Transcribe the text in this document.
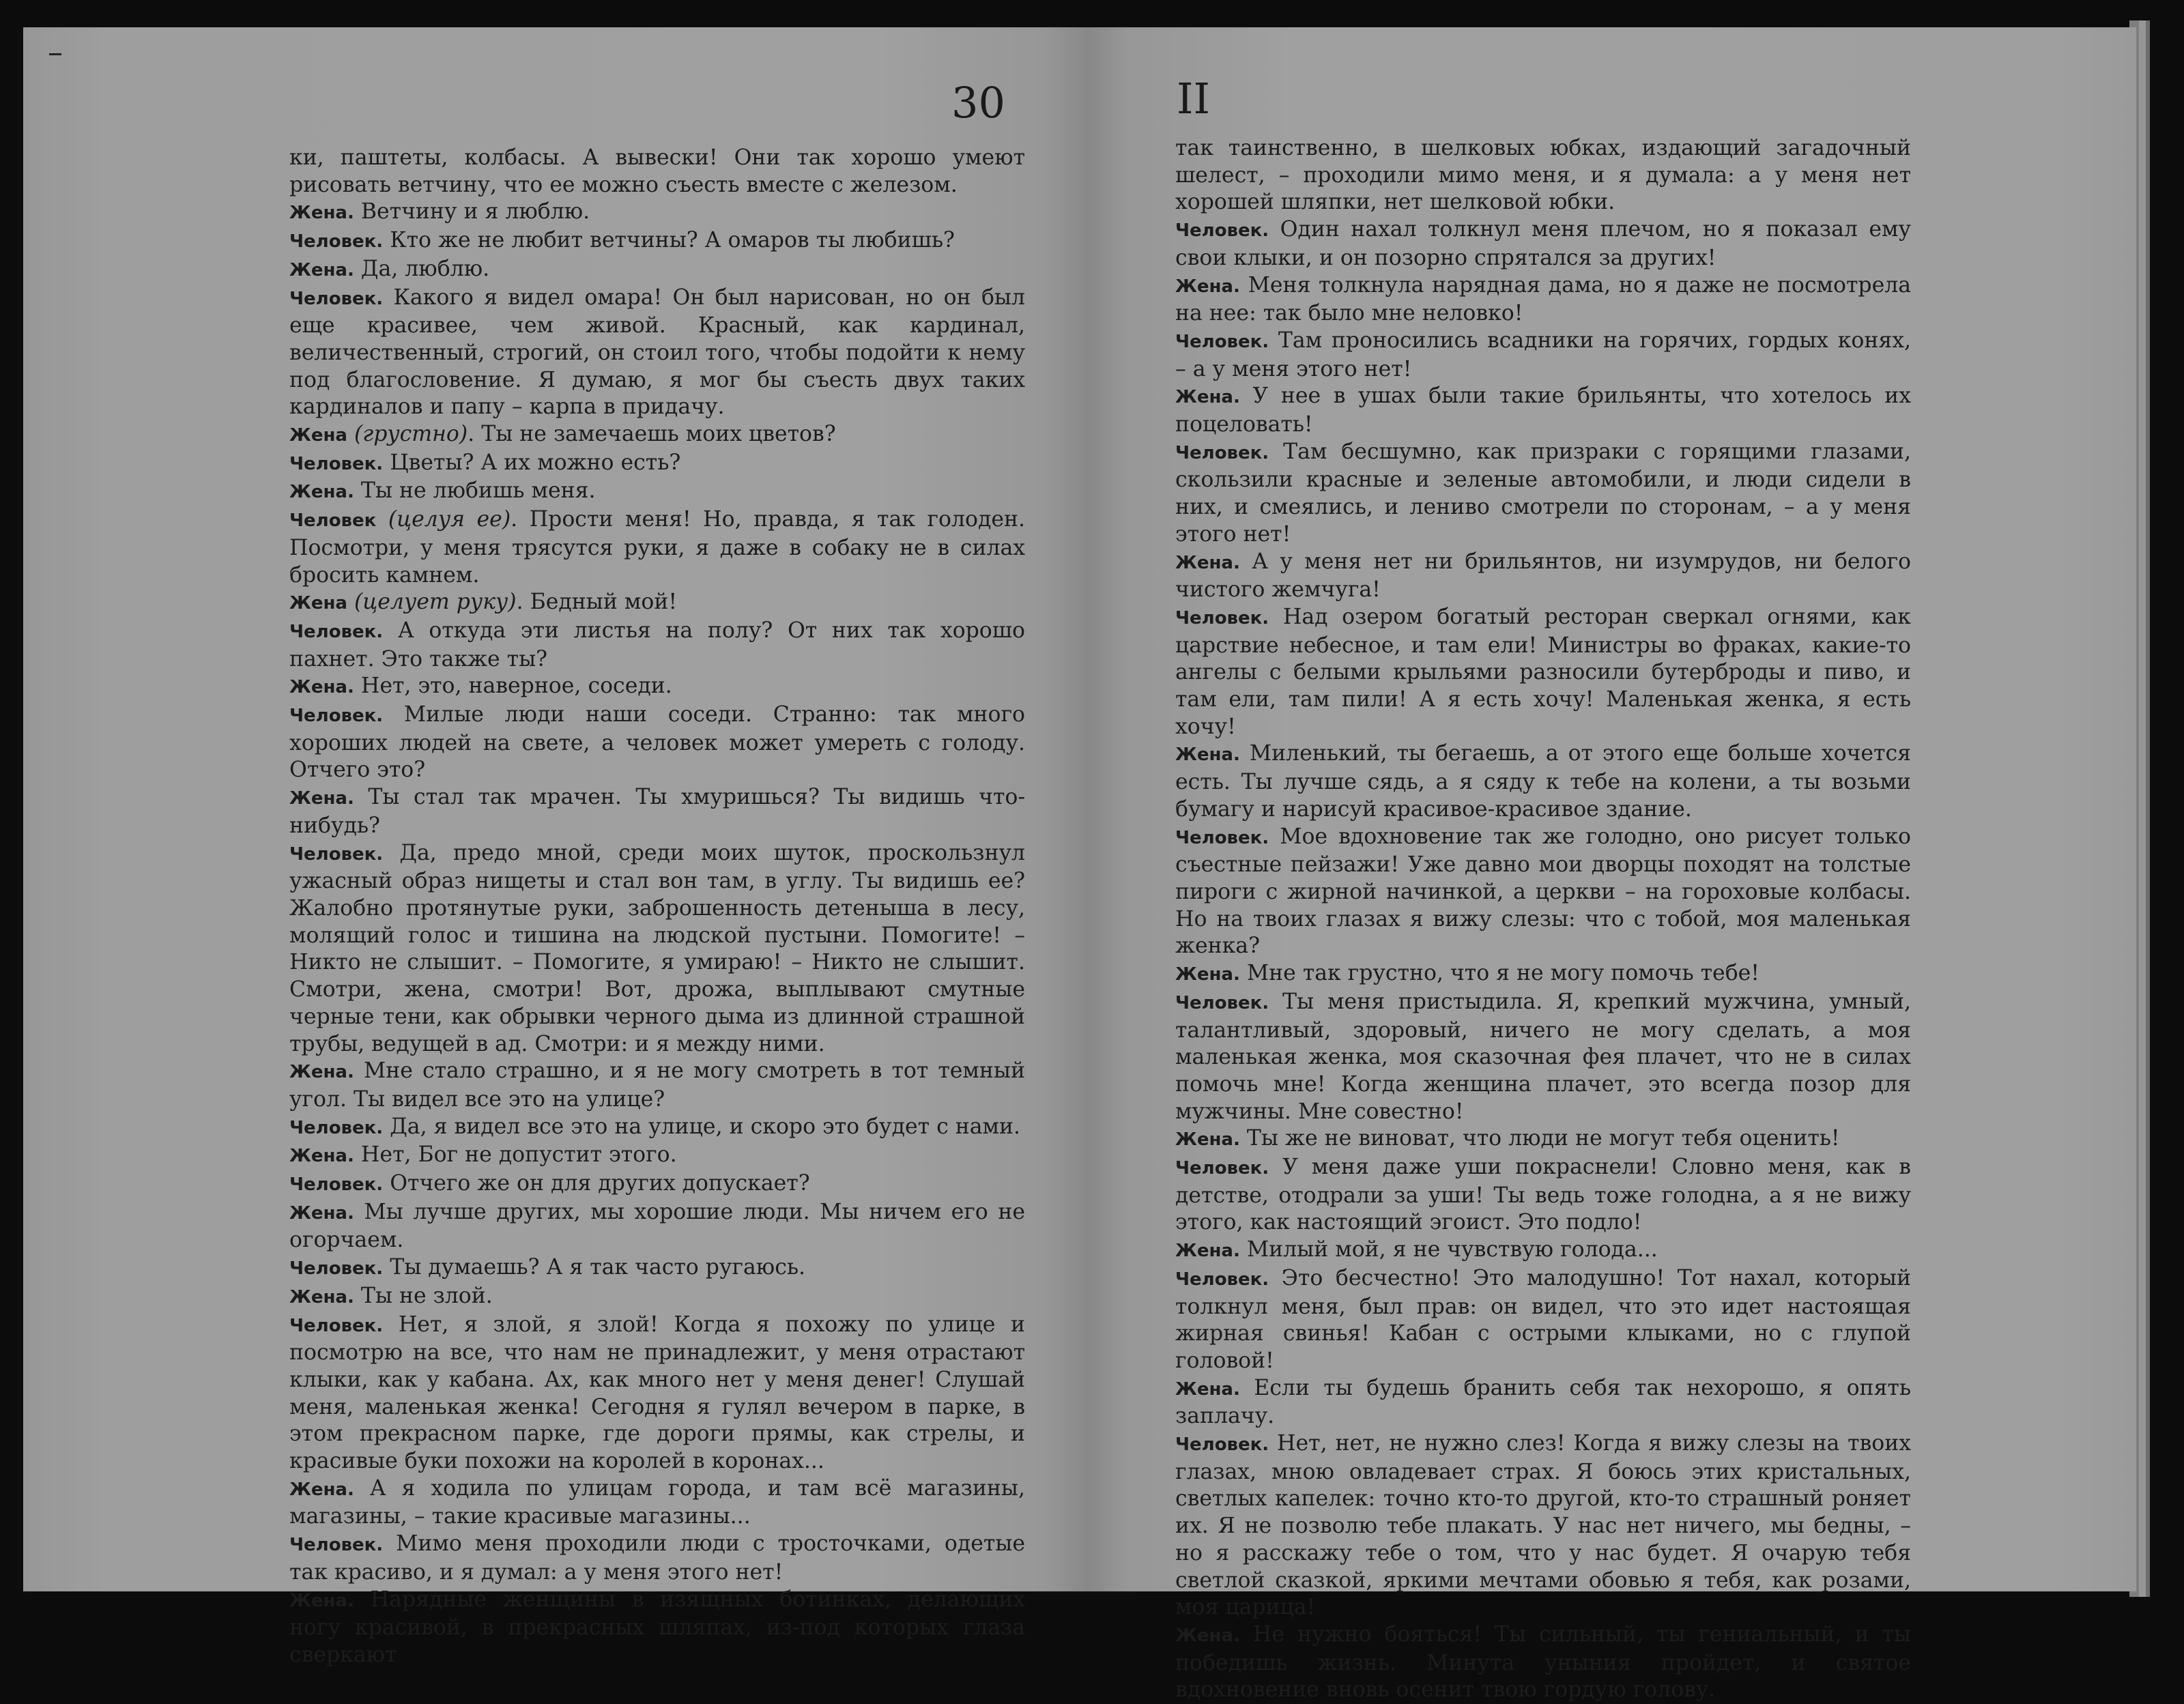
30

ки, паштеты, колбасы. А вывески! Они так хорошо умеют рисовать ветчину, что ее можно съесть вместе с железом.

Жена. Ветчину и я люблю.

Человек. Кто же не любит ветчины? А омаров ты любишь?

Жена. Да, люблю.

Человек. Какого я видел омара! Он был нарисован, но он был еще красивее, чем живой. Красный, как кардинал, величественный, строгий, он стоил того, чтобы подойти к нему под благословение. Я думаю, я мог бы съесть двух таких кардиналов и папу – карпа в придачу.

Жена (грустно). Ты не замечаешь моих цветов?

Человек. Цветы? А их можно есть?

Жена. Ты не любишь меня.

Человек (целуя ее). Прости меня! Но, правда, я так голоден. Посмотри, у меня трясутся руки, я даже в собаку не в силах бросить камнем.

Жена (целует руку). Бедный мой!

Человек. А откуда эти листья на полу? От них так хорошо пахнет. Это также ты?

Жена. Нет, это, наверное, соседи.

Человек. Милые люди наши соседи. Странно: так много хороших людей на свете, а человек может умереть с голоду. Отчего это?

Жена. Ты стал так мрачен. Ты хмуришься? Ты видишь что-нибудь?

Человек. Да, предо мной, среди моих шуток, проскользнул ужасный образ нищеты и стал вон там, в углу. Ты видишь ее? Жалобно протянутые руки, заброшенность детеныша в лесу, молящий голос и тишина на людской пустыни. Помогите! – Никто не слышит. – Помогите, я умираю! – Никто не слышит. Смотри, жена, смотри! Вот, дрожа, выплывают смутные черные тени, как обрывки черного дыма из длинной страшной трубы, ведущей в ад. Смотри: и я между ними.

Жена. Мне стало страшно, и я не могу смотреть в тот темный угол. Ты видел все это на улице?

Человек. Да, я видел все это на улице, и скоро это будет с нами.

Жена. Нет, Бог не допустит этого.

Человек. Отчего же он для других допускает?

Жена. Мы лучше других, мы хорошие люди. Мы ничем его не огорчаем.

Человек. Ты думаешь? А я так часто ругаюсь.

Жена. Ты не злой.

Человек. Нет, я злой, я злой! Когда я похожу по улице и посмотрю на все, что нам не принадлежит, у меня отрастают клыки, как у кабана. Ах, как много нет у меня денег! Слушай меня, маленькая женка! Сегодня я гулял вечером в парке, в этом прекрасном парке, где дороги прямы, как стрелы, и красивые буки похожи на королей в коронах...

Жена. А я ходила по улицам города, и там всё магазины, магазины, – такие красивые магазины...

Человек. Мимо меня проходили люди с тросточками, одетые так красиво, и я думал: а у меня этого нет!

Жена. Нарядные женщины в изящных ботинках, делающих ногу красивой, в прекрасных шляпах, из-под которых глаза сверкают

II

так таинственно, в шелковых юбках, издающий загадочный шелест, – проходили мимо меня, и я думала: а у меня нет хорошей шляпки, нет шелковой юбки.

Человек. Один нахал толкнул меня плечом, но я показал ему свои клыки, и он позорно спрятался за других!

Жена. Меня толкнула нарядная дама, но я даже не посмотрела на нее: так было мне неловко!

Человек. Там проносились всадники на горячих, гордых конях, – а у меня этого нет!

Жена. У нее в ушах были такие брильянты, что хотелось их поцеловать!

Человек. Там бесшумно, как призраки с горящими глазами, скользили красные и зеленые автомобили, и люди сидели в них, и смеялись, и лениво смотрели по сторонам, – а у меня этого нет!

Жена. А у меня нет ни брильянтов, ни изумрудов, ни белого чистого жемчуга!

Человек. Над озером богатый ресторан сверкал огнями, как царствие небесное, и там ели! Министры во фраках, какие-то ангелы с белыми крыльями разносили бутерброды и пиво, и там ели, там пили! А я есть хочу! Маленькая женка, я есть хочу!

Жена. Миленький, ты бегаешь, а от этого еще больше хочется есть. Ты лучше сядь, а я сяду к тебе на колени, а ты возьми бумагу и нарисуй красивое-красивое здание.

Человек. Мое вдохновение так же голодно, оно рисует только съестные пейзажи! Уже давно мои дворцы походят на толстые пироги с жирной начинкой, а церкви – на гороховые колбасы. Но на твоих глазах я вижу слезы: что с тобой, моя маленькая женка?

Жена. Мне так грустно, что я не могу помочь тебе!

Человек. Ты меня пристыдила. Я, крепкий мужчина, умный, талантливый, здоровый, ничего не могу сделать, а моя маленькая женка, моя сказочная фея плачет, что не в силах помочь мне! Когда женщина плачет, это всегда позор для мужчины. Мне совестно!

Жена. Ты же не виноват, что люди не могут тебя оценить!

Человек. У меня даже уши покраснели! Словно меня, как в детстве, отодрали за уши! Ты ведь тоже голодна, а я не вижу этого, как настоящий эгоист. Это подло!

Жена. Милый мой, я не чувствую голода...

Человек. Это бесчестно! Это малодушно! Тот нахал, который толкнул меня, был прав: он видел, что это идет настоящая жирная свинья! Кабан с острыми клыками, но с глупой головой!

Жена. Если ты будешь бранить себя так нехорошо, я опять заплачу.

Человек. Нет, нет, не нужно слез! Когда я вижу слезы на твоих глазах, мною овладевает страх. Я боюсь этих кристальных, светлых капелек: точно кто-то другой, кто-то страшный роняет их. Я не позволю тебе плакать. У нас нет ничего, мы бедны, – но я расскажу тебе о том, что у нас будет. Я очарую тебя светлой сказкой, яркими мечтами обовью я тебя, как розами, моя царица!

Жена. Не нужно бояться! Ты сильный, ты гениальный, и ты победишь жизнь. Минута уныния пройдет, и святое вдохновение вновь осенит твою гордую голову.
